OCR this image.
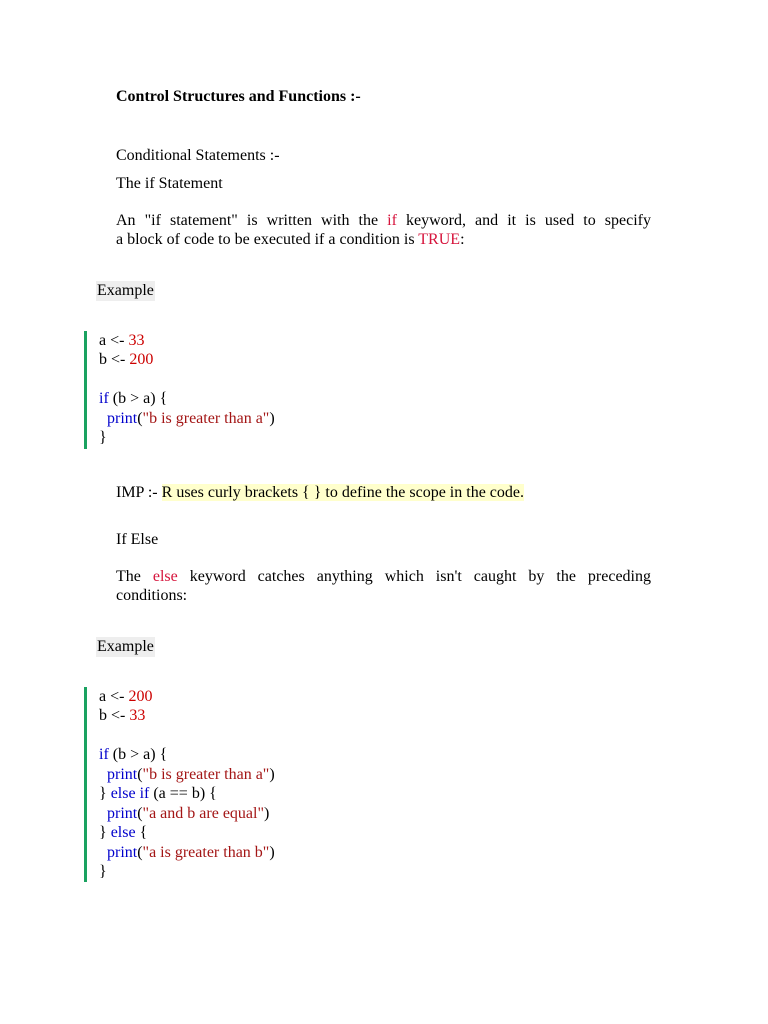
Control Structures and Functions :-
Conditional Statements :-
The if Statement
An "if statement" is written with the if keyword, and it is used to specify
a block of code to be executed if a condition is TRUE:
Example
a <- 33
b <- 200
if (b > a) {
print("b is greater than a")
}
IMP :- R uses curly brackets { } to define the scope in the code.
If Else
The else keyword catches anything which isn't caught by the preceding
conditions:
Example
a <- 200
b <- 33
if (b > a) {
print("b is greater than a")
} else if (a == b) {
print("a and b are equal")
} else {
print("a is greater than b")
}
